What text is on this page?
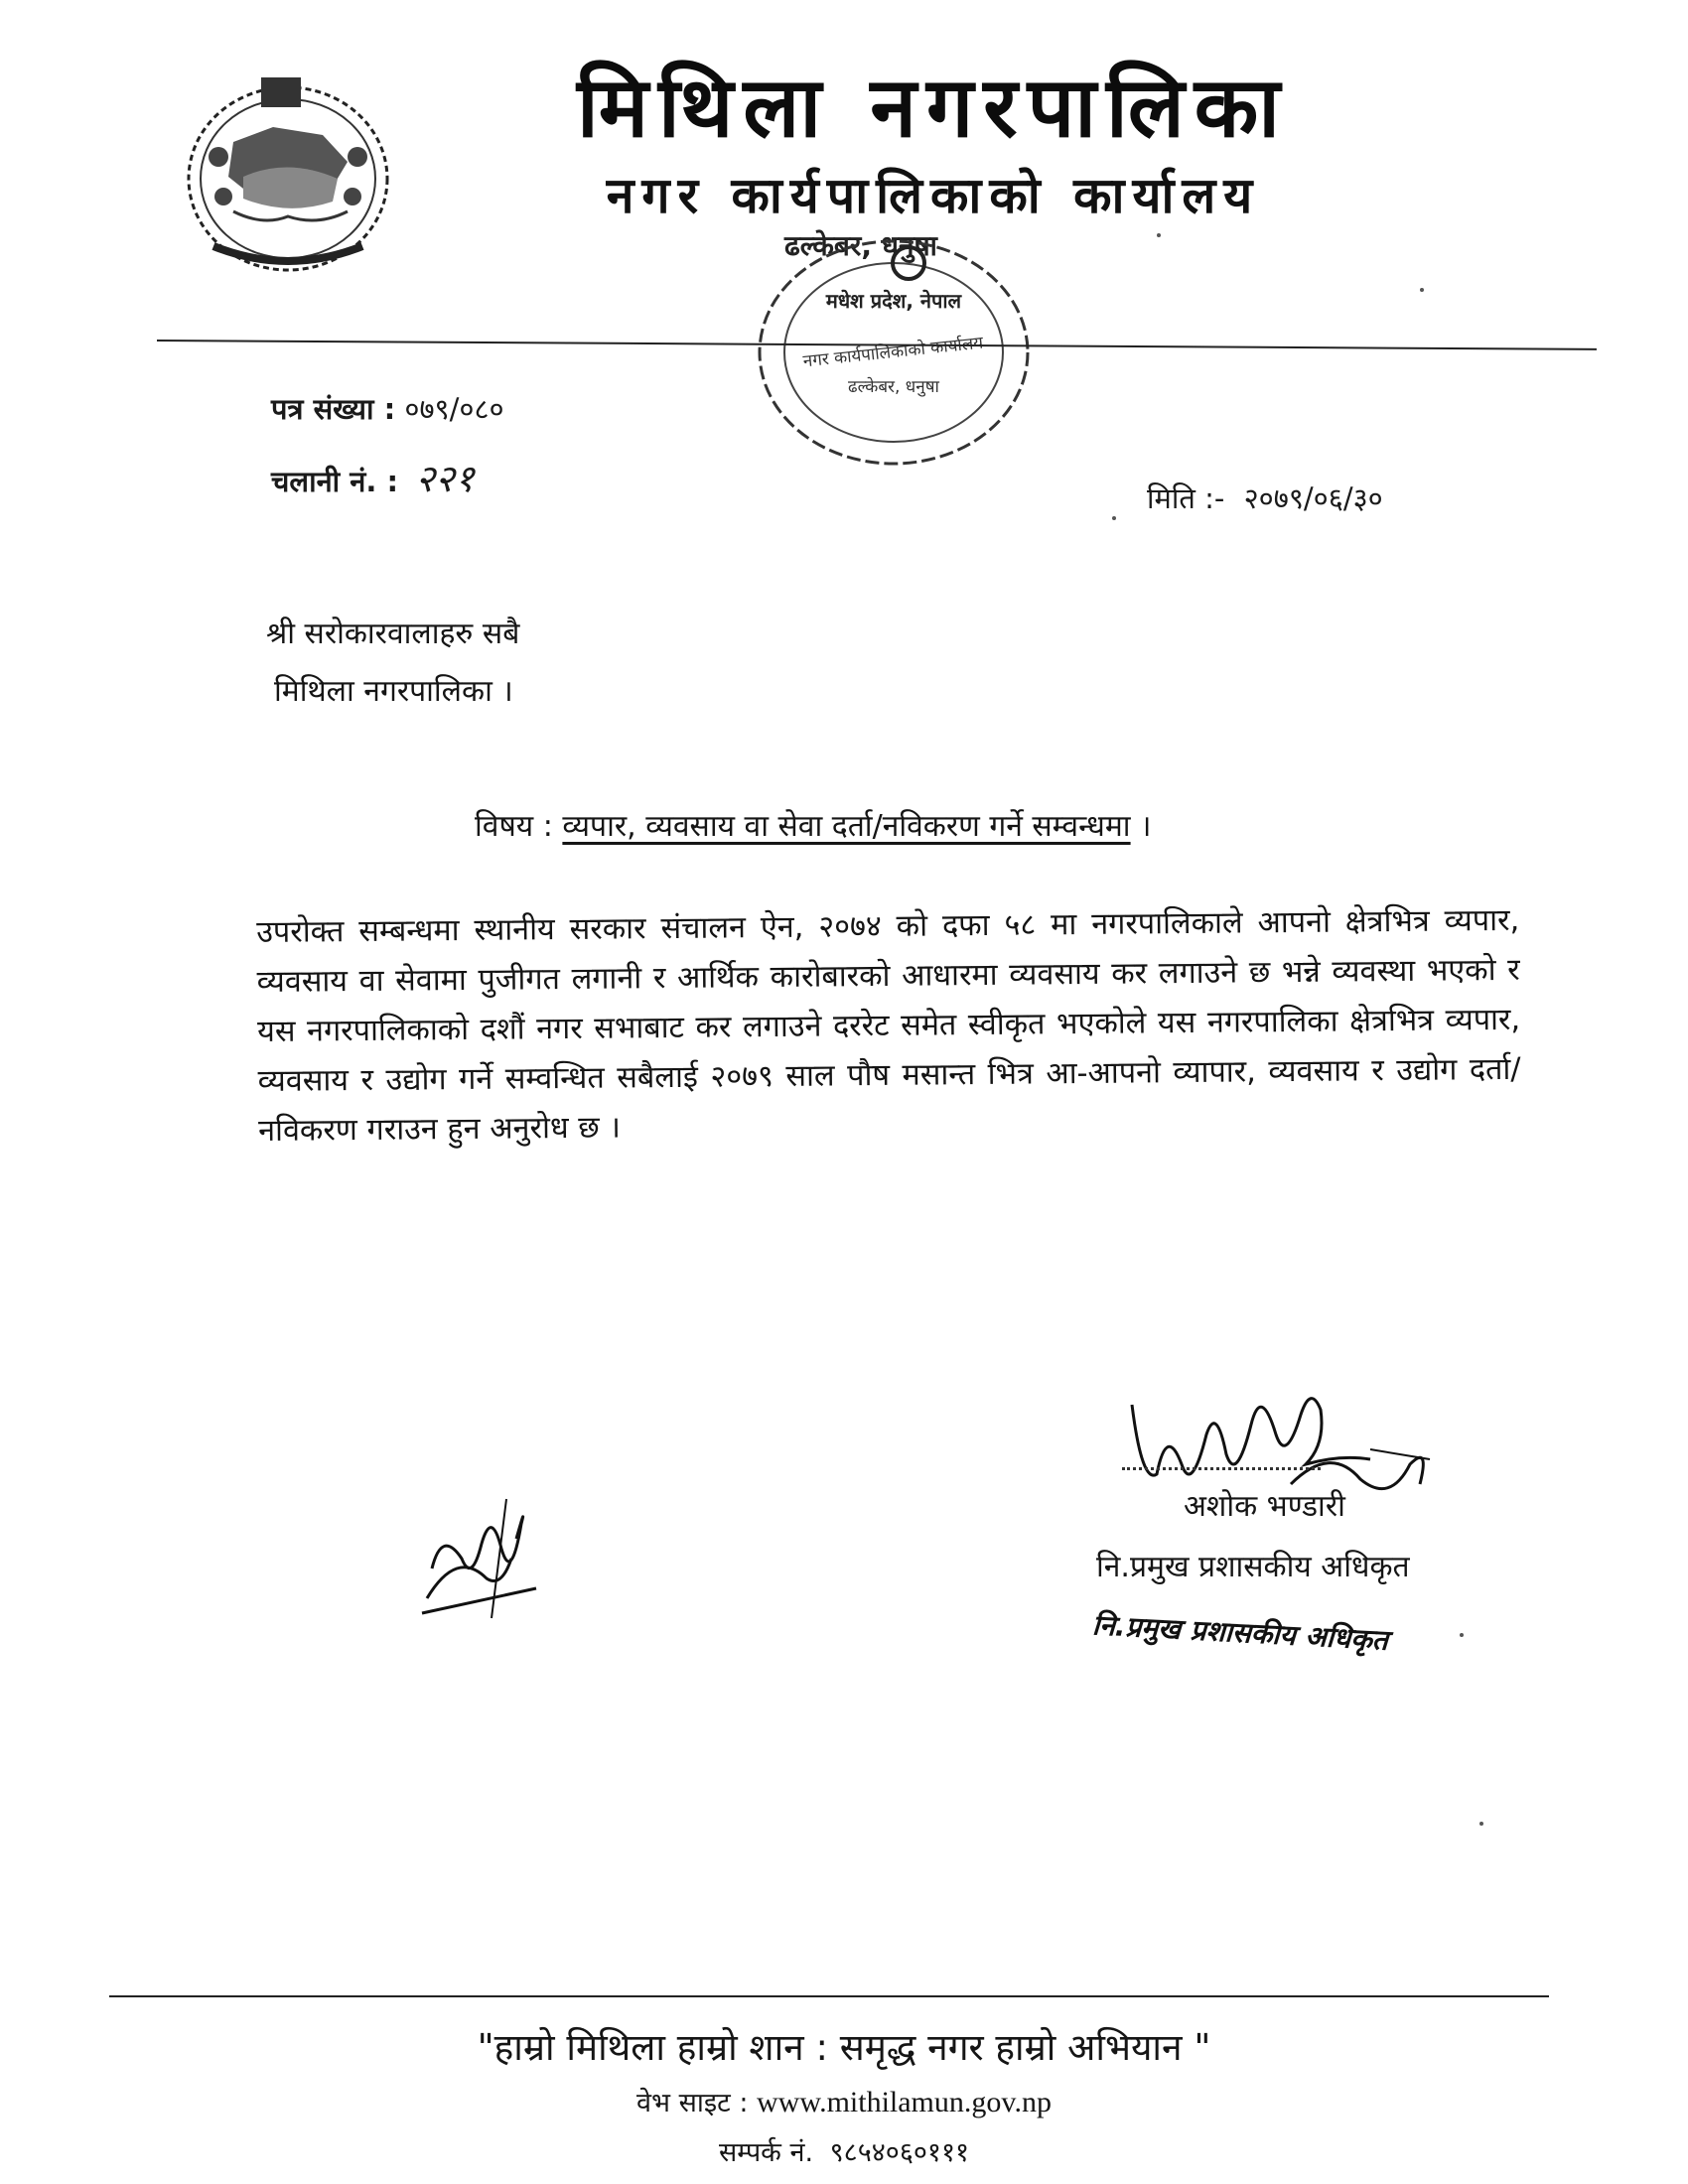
मिथिला नगरपालिका
नगर कार्यपालिकाको कार्यालय
ढल्केबर, धनुषा
मधेश प्रदेश, नेपाल
नगर कार्यपालिकाको कार्यालय
ढल्केबर, धनुषा
पत्र संख्या : ०७९/०८०
चलानी नं. : २२१	मिति :- २०७९/०६/३०
श्री सरोकारवालाहरु सबै
मिथिला नगरपालिका ।
विषय : व्यपार, व्यवसाय वा सेवा दर्ता/नविकरण गर्ने सम्वन्धमा ।
उपरोक्त सम्बन्धमा स्थानीय सरकार संचालन ऐन, २०७४ को दफा ५८ मा नगरपालिकाले आपनो क्षेत्रभित्र व्यपार, व्यवसाय वा सेवामा पुजीगत लगानी र आर्थिक कारोबारको आधारमा व्यवसाय कर लगाउने छ भन्ने व्यवस्था भएको र यस नगरपालिकाको दशौं नगर सभाबाट कर लगाउने दररेट समेत स्वीकृत भएकोले यस नगरपालिका क्षेत्रभित्र व्यपार, व्यवसाय र उद्योग गर्ने सम्वन्धित सबैलाई २०७९ साल पौष मसान्त भित्र आ-आपनो व्यापार, व्यवसाय र उद्योग दर्ता/नविकरण गराउन हुन अनुरोध छ ।
अशोक भण्डारी
नि.प्रमुख प्रशासकीय अधिकृत
नि.प्रमुख प्रशासकीय अधिकृत
"हाम्रो मिथिला हाम्रो शान : समृद्ध नगर हाम्रो अभियान "
वेभ साइट : www.mithilamun.gov.np
सम्पर्क नं. ९८५४०६०१११
